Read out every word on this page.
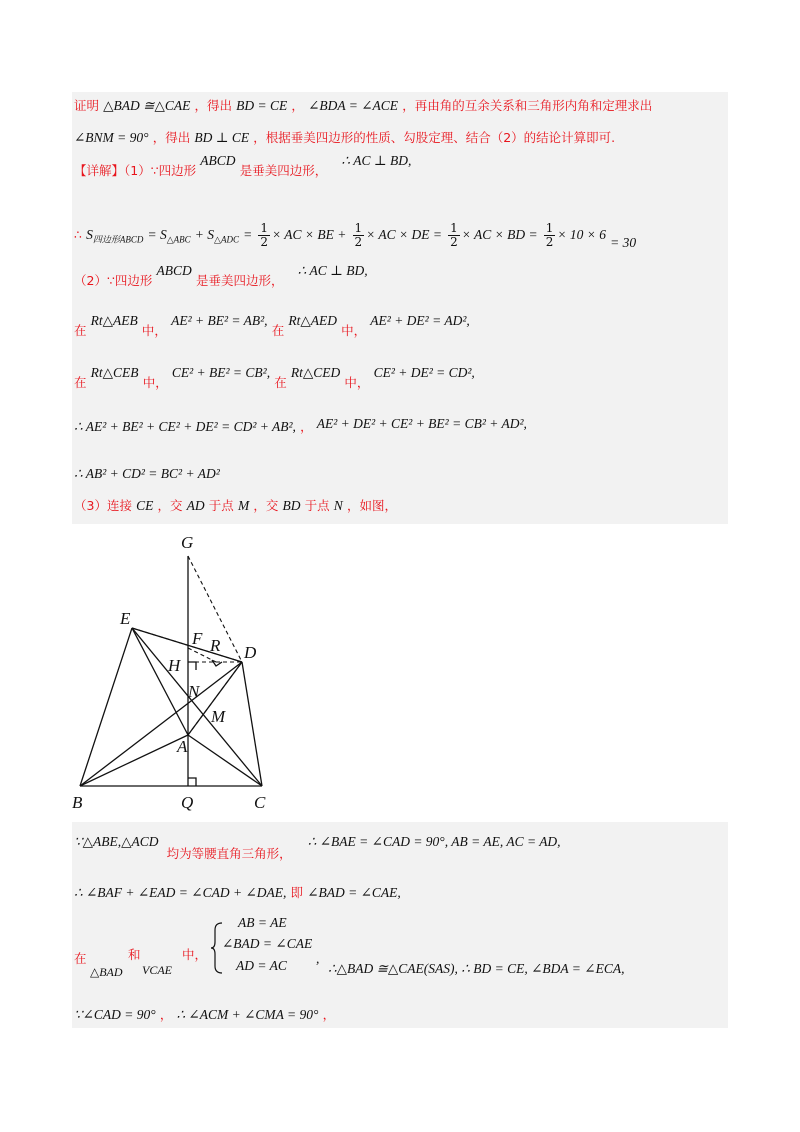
证明 △BAD ≅△CAE ，得出 BD = CE ， ∠BDA = ∠ACE ，再由角的互余关系和三角形内角和定理求出
∠BNM = 90° ，得出 BD ⊥ CE ，根据垂美四边形的性质、勾股定理、结合（2）的结论计算即可.
【详解】（1）∵四边形 ABCD 是垂美四边形， ∴ AC ⊥ BD,
∴ $S_{四边形ABCD} = S_{\triangle ABC} + S_{\triangle ADC} = \frac{1}{2}$ × AC × BE + $\frac{1}{2}$ × AC × DE = $\frac{1}{2}$ × AC × BD = $\frac{1}{2} \times 10 \times 6 = 30$
（2）∵四边形 ABCD 是垂美四边形， ∴ AC ⊥ BD,
在 Rt△AEB 中， AE² + BE² = AB², 在 Rt△AED 中， AE² + DE² = AD²,
在 Rt△CEB 中， CE² + BE² = CB², 在 Rt△CED 中， CE² + DE² = CD²,
∴ AE² + BE² + CE² + DE² = CD² + AB², ， AE² + DE² + CE² + BE² = CB² + AD²,
∴ AB² + CD² = BC² + AD²
（3）连接 CE ，交 AD 于点 M ，交 BD 于点 N ，如图，
G
E
F R D
H
N
M
A
B	Q	C
∵△ABE,△ACD 均为等腰直角三角形， ∴ ∠BAE = ∠CAD = 90°, AB = AE, AC = AD,
∴ ∠BAF + ∠EAD = ∠CAD + ∠DAE, 即 ∠BAD = ∠CAE,
在
△BAD
和
VCAE
中，
AB = AE
∠BAD = ∠CAE
AD = AC ,
∴△BAD ≅△CAE(SAS), ∴ BD = CE, ∠BDA = ∠ECA,
∵∠CAD = 90° ， ∴ ∠ACM + ∠CMA = 90° ，
